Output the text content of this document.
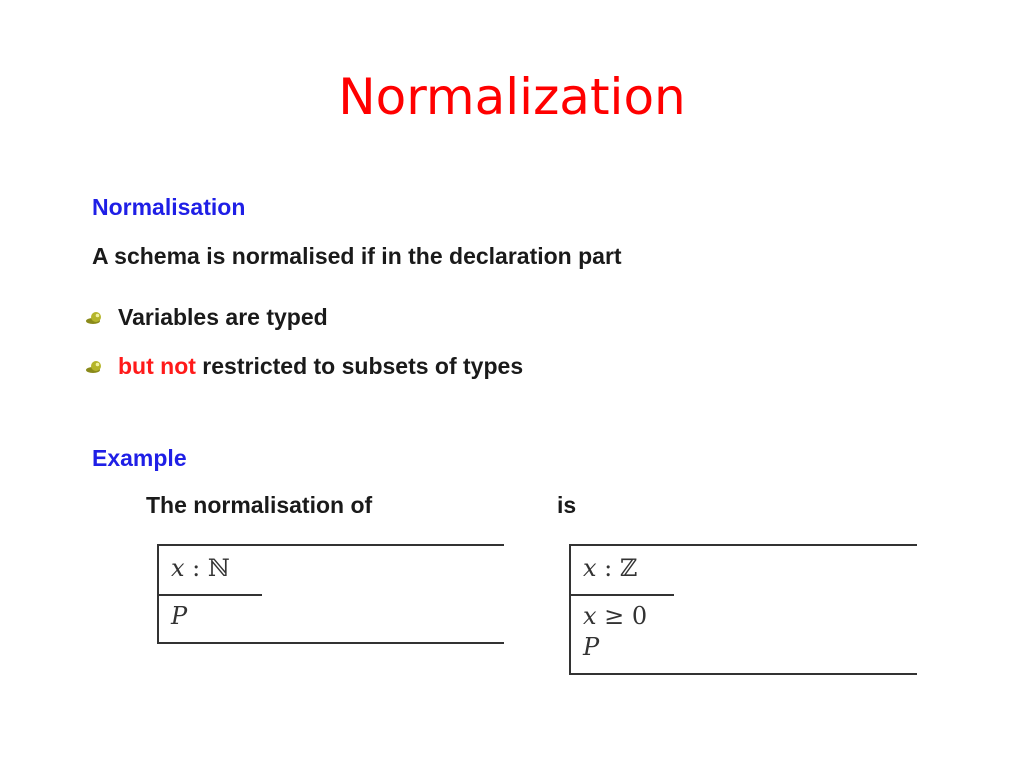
Normalization
Normalisation
A schema is normalised if in the declaration part
Variables are typed
but not restricted to subsets of types
Example
The normalisation of	is
x : ℕ
P
x : ℤ
x ≥ 0
P
